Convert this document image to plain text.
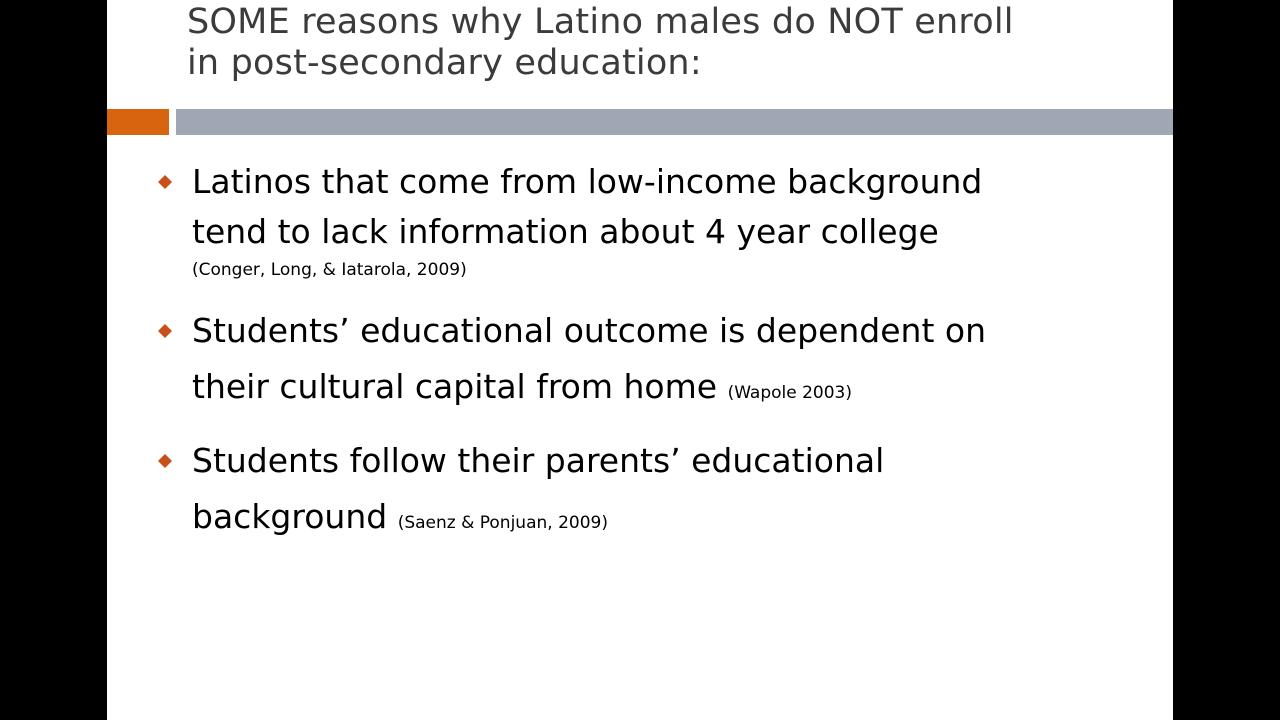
SOME reasons why Latino males do NOT enroll
in post-secondary education:
Latinos that come from low-income background
tend to lack information about 4 year college
(Conger, Long, & Iatarola, 2009)
Students’ educational outcome is dependent on
their cultural capital from home (Wapole 2003)
Students follow their parents’ educational
background (Saenz & Ponjuan, 2009)
